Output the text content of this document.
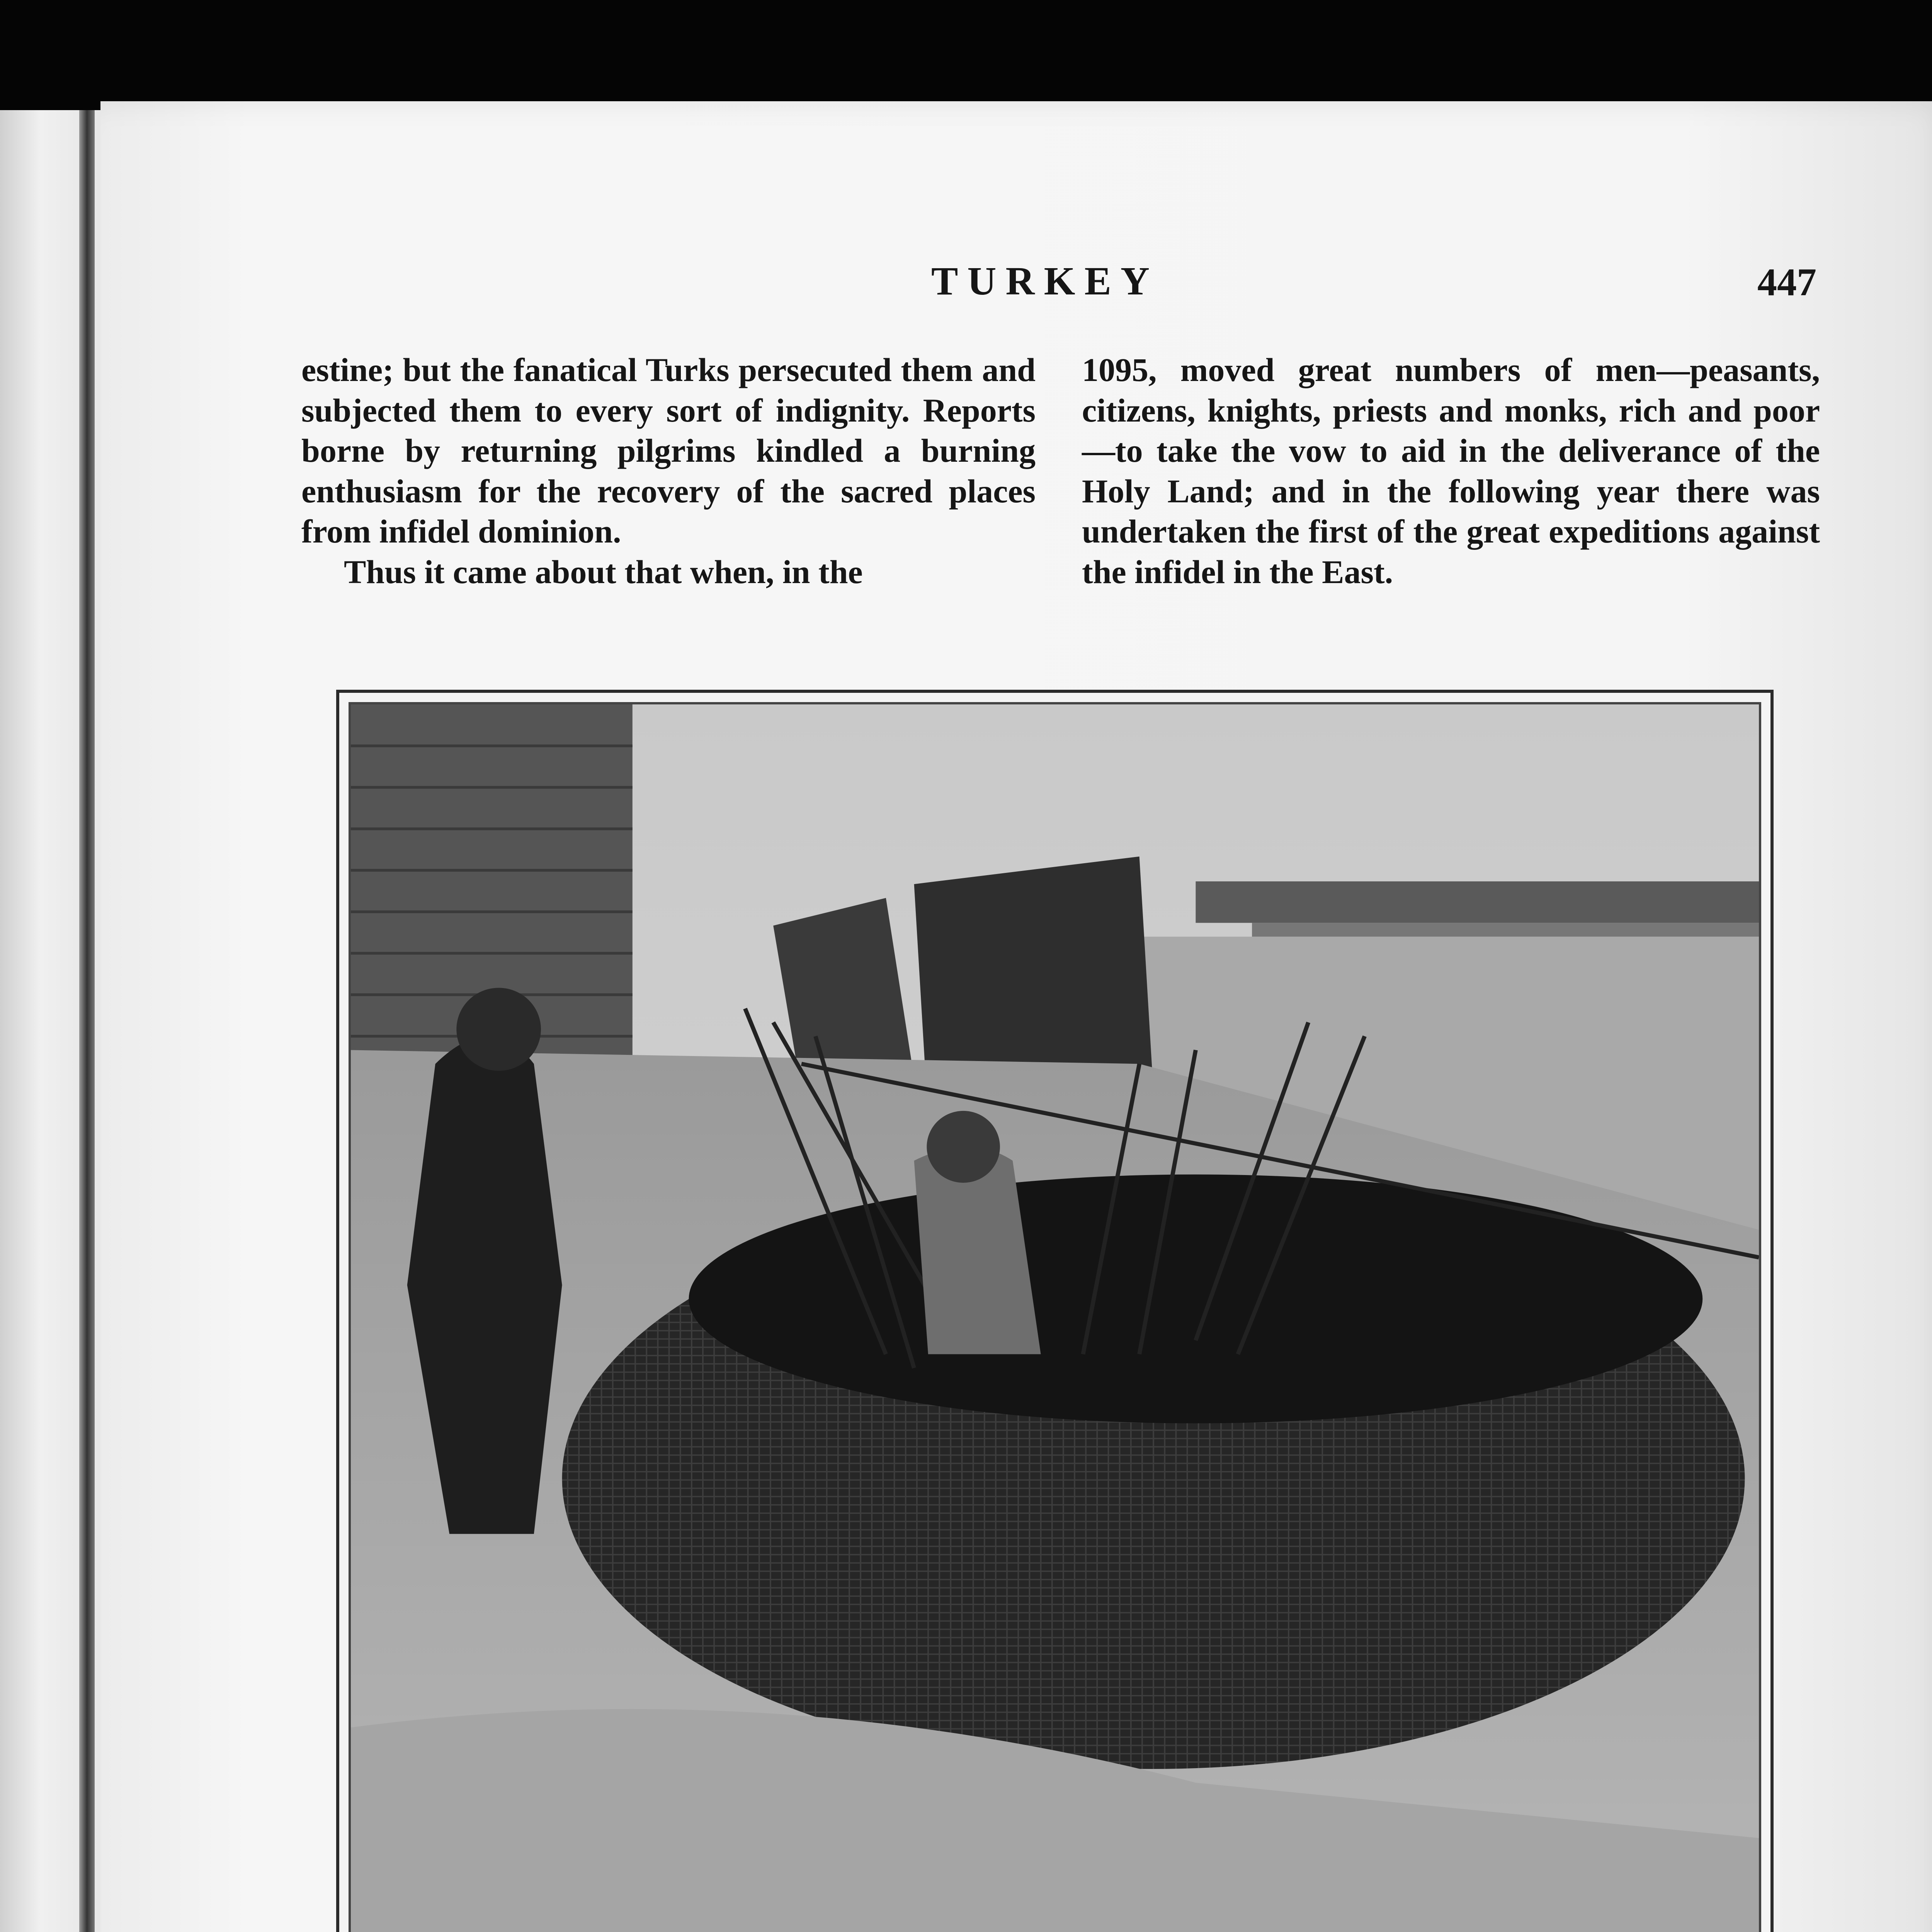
TURKEY	447

estine; but the fanatical Turks persecuted them and subjected them to every sort of indignity. Reports borne by returning pilgrims kindled a burning enthusiasm for the recovery of the sacred places from infidel dominion.

Thus it came about that when, in the

1095, moved great numbers of men—peasants, citizens, knights, priests and monks, rich and poor—to take the vow to aid in the deliverance of the Holy Land; and in the following year there was undertaken the first of the great expeditions against the infidel in the East.
